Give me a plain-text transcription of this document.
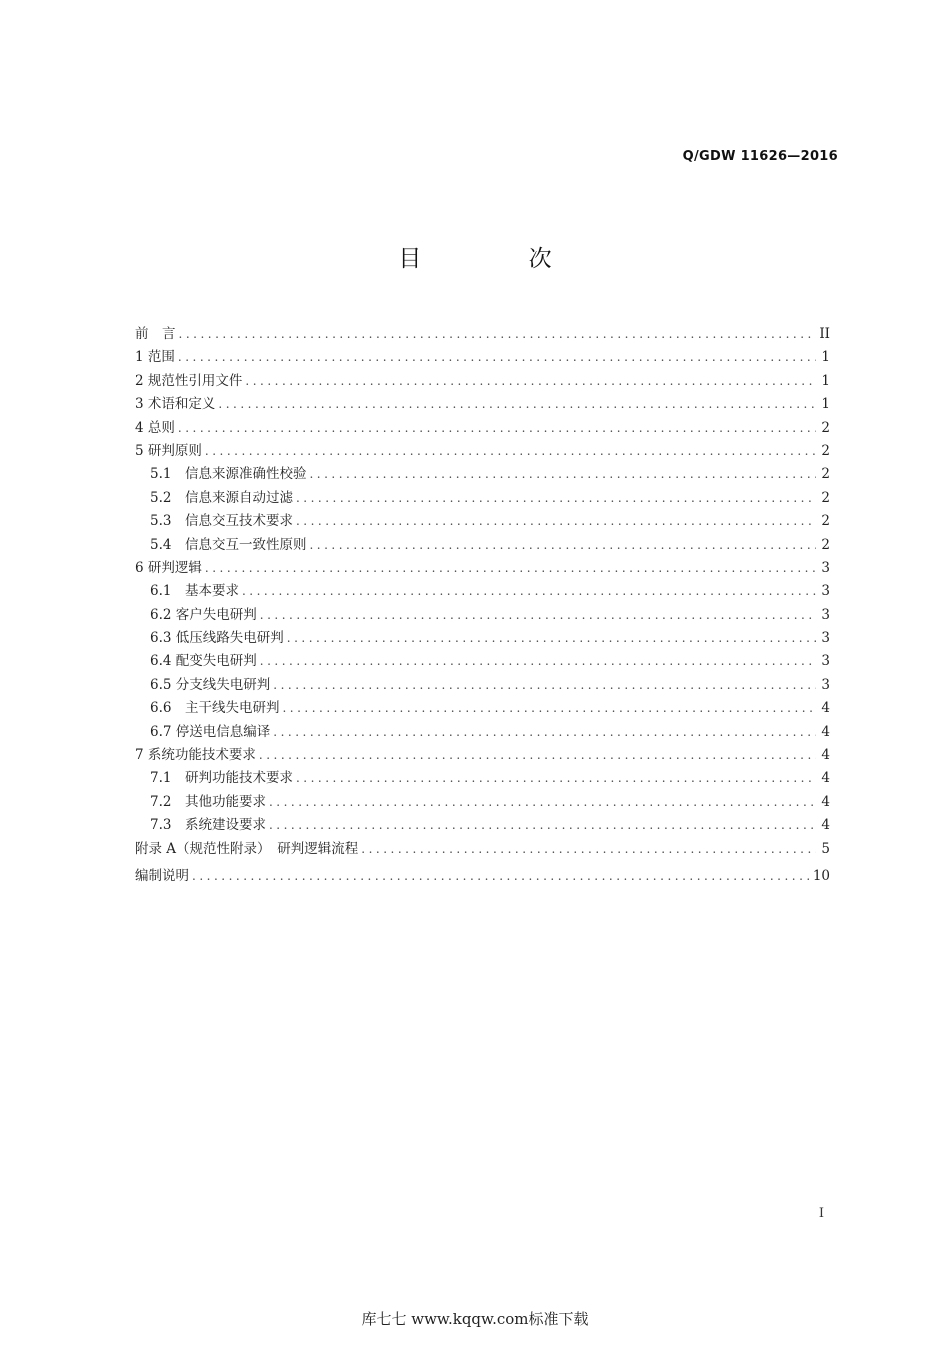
Q/GDW 11626—2016
目 次
前　言 .....	II
1 范围 .....	1
2 规范性引用文件 .....	1
3 术语和定义 .....	1
4 总则 .....	2
5 研判原则 .....	2
5.1　信息来源准确性校验 .....	2
5.2　信息来源自动过滤 .....	2
5.3　信息交互技术要求 .....	2
5.4　信息交互一致性原则 .....	2
6 研判逻辑 .....	3
6.1　基本要求 .....	3
6.2 客户失电研判 .....	3
6.3 低压线路失电研判 .....	3
6.4 配变失电研判 .....	3
6.5 分支线失电研判 .....	3
6.6　主干线失电研判 .....	4
6.7 停送电信息编译 .....	4
7 系统功能技术要求 .....	4
7.1　研判功能技术要求 .....	4
7.2　其他功能要求 .....	4
7.3　系统建设要求 .....	4
附录 A（规范性附录）　研判逻辑流程 .....	5
编制说明 .....	10
I
库七七 www.kqqw.com标准下载
